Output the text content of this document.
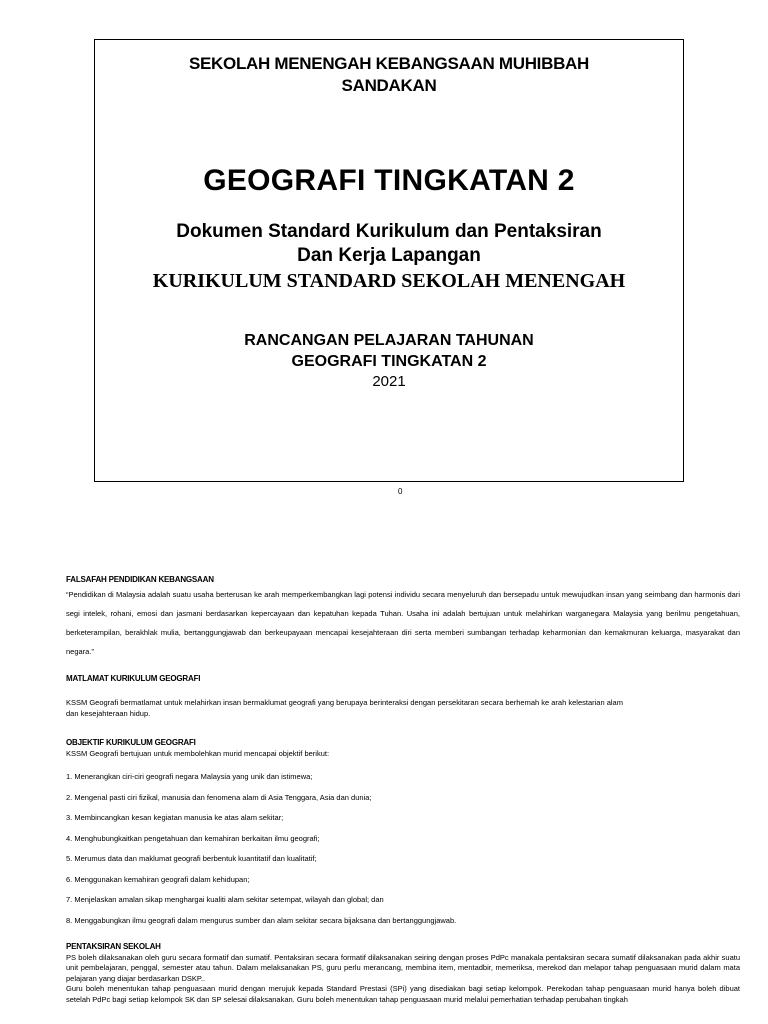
SEKOLAH MENENGAH KEBANGSAAN MUHIBBAH
SANDAKAN
GEOGRAFI TINGKATAN 2
Dokumen Standard Kurikulum dan Pentaksiran
Dan Kerja Lapangan
KURIKULUM STANDARD SEKOLAH MENENGAH
RANCANGAN PELAJARAN TAHUNAN
GEOGRAFI TINGKATAN 2
2021
0
FALSAFAH PENDIDIKAN KEBANGSAAN

“Pendidikan di Malaysia adalah suatu usaha berterusan ke arah memperkembangkan lagi potensi individu secara menyeluruh dan bersepadu untuk mewujudkan insan yang seimbang dan harmonis dari segi intelek, rohani, emosi dan jasmani berdasarkan kepercayaan dan kepatuhan kepada Tuhan. Usaha ini adalah bertujuan untuk melahirkan warganegara Malaysia yang berilmu pengetahuan, berketerampilan, berakhlak mulia, bertanggungjawab dan berkeupayaan mencapai kesejahteraan diri serta memberi sumbangan terhadap keharmonian dan kemakmuran keluarga, masyarakat dan negara.”

MATLAMAT KURIKULUM GEOGRAFI
KSSM Geografi bermatlamat untuk melahirkan insan bermaklumat geografi yang berupaya berinteraksi dengan persekitaran secara berhemah ke arah kelestarian alam
dan kesejahteraan hidup.
OBJEKTIF KURIKULUM GEOGRAFI
KSSM Geografi bertujuan untuk membolehkan murid mencapai objektif berikut:
1. Menerangkan ciri-ciri geografi negara Malaysia yang unik dan istimewa;
2. Mengenal pasti ciri fizikal, manusia dan fenomena alam di Asia Tenggara, Asia dan dunia;
3. Membincangkan kesan kegiatan manusia ke atas alam sekitar;
4. Menghubungkaitkan pengetahuan dan kemahiran berkaitan ilmu geografi;
5. Merumus data dan maklumat geografi berbentuk kuantitatif dan kualitatif;
6. Menggunakan kemahiran geografi dalam kehidupan;
7. Menjelaskan amalan sikap menghargai kualiti alam sekitar setempat, wilayah dan global; dan
8. Menggabungkan ilmu geografi dalam mengurus sumber dan alam sekitar secara bijaksana dan bertanggungjawab.
PENTAKSIRAN SEKOLAH
PS boleh dilaksanakan oleh guru secara formatif dan sumatif. Pentaksiran secara formatif dilaksanakan seiring dengan proses PdPc manakala pentaksiran secara sumatif dilaksanakan pada akhir suatu unit pembelajaran, penggal, semester atau tahun. Dalam melaksanakan PS, guru perlu merancang, membina item, mentadbir, memeriksa, merekod dan melapor tahap penguasaan murid dalam mata pelajaran yang diajar berdasarkan DSKP..
Guru boleh menentukan tahap penguasaan murid dengan merujuk kepada Standard Prestasi (SPi) yang disediakan bagi setiap kelompok. Perekodan tahap penguasaan murid hanya boleh dibuat setelah PdPc bagi setiap kelompok SK dan SP selesai dilaksanakan. Guru boleh menentukan tahap penguasaan murid melalui pemerhatian terhadap perubahan tingkah
